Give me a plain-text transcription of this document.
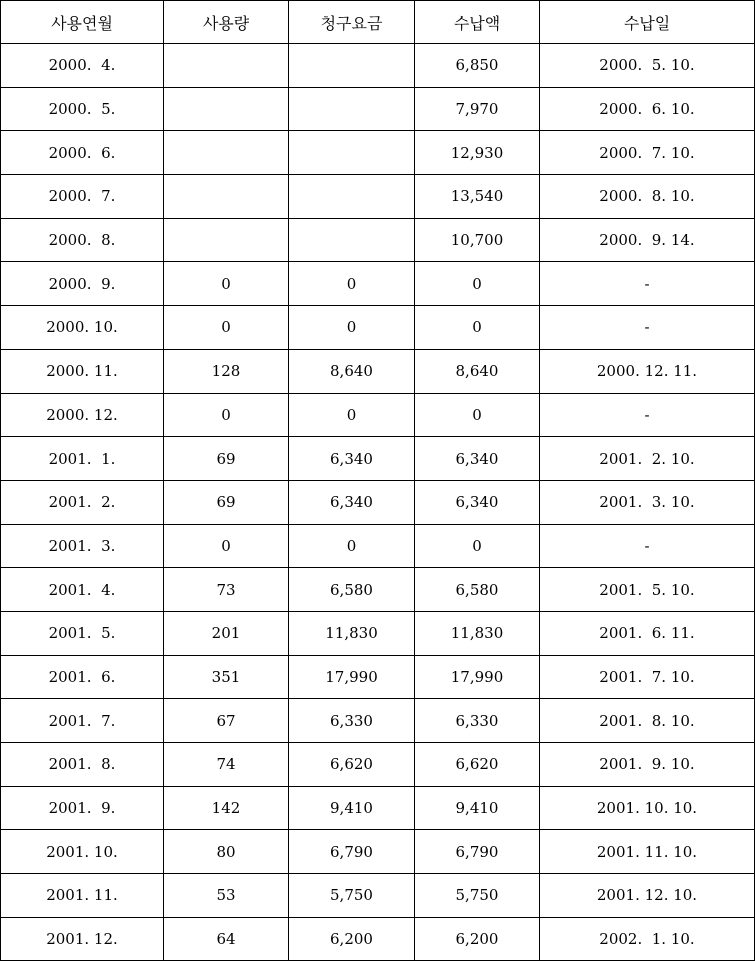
사용연월	사용량	청구요금	수납액	수납일
2000.  4.			6,850	2000.  5. 10.
2000.  5.			7,970	2000.  6. 10.
2000.  6.			12,930	2000.  7. 10.
2000.  7.			13,540	2000.  8. 10.
2000.  8.			10,700	2000.  9. 14.
2000.  9.	0	0	0	-
2000. 10.	0	0	0	-
2000. 11.	128	8,640	8,640	2000. 12. 11.
2000. 12.	0	0	0	-
2001.  1.	69	6,340	6,340	2001.  2. 10.
2001.  2.	69	6,340	6,340	2001.  3. 10.
2001.  3.	0	0	0	-
2001.  4.	73	6,580	6,580	2001.  5. 10.
2001.  5.	201	11,830	11,830	2001.  6. 11.
2001.  6.	351	17,990	17,990	2001.  7. 10.
2001.  7.	67	6,330	6,330	2001.  8. 10.
2001.  8.	74	6,620	6,620	2001.  9. 10.
2001.  9.	142	9,410	9,410	2001. 10. 10.
2001. 10.	80	6,790	6,790	2001. 11. 10.
2001. 11.	53	5,750	5,750	2001. 12. 10.
2001. 12.	64	6,200	6,200	2002.  1. 10.
